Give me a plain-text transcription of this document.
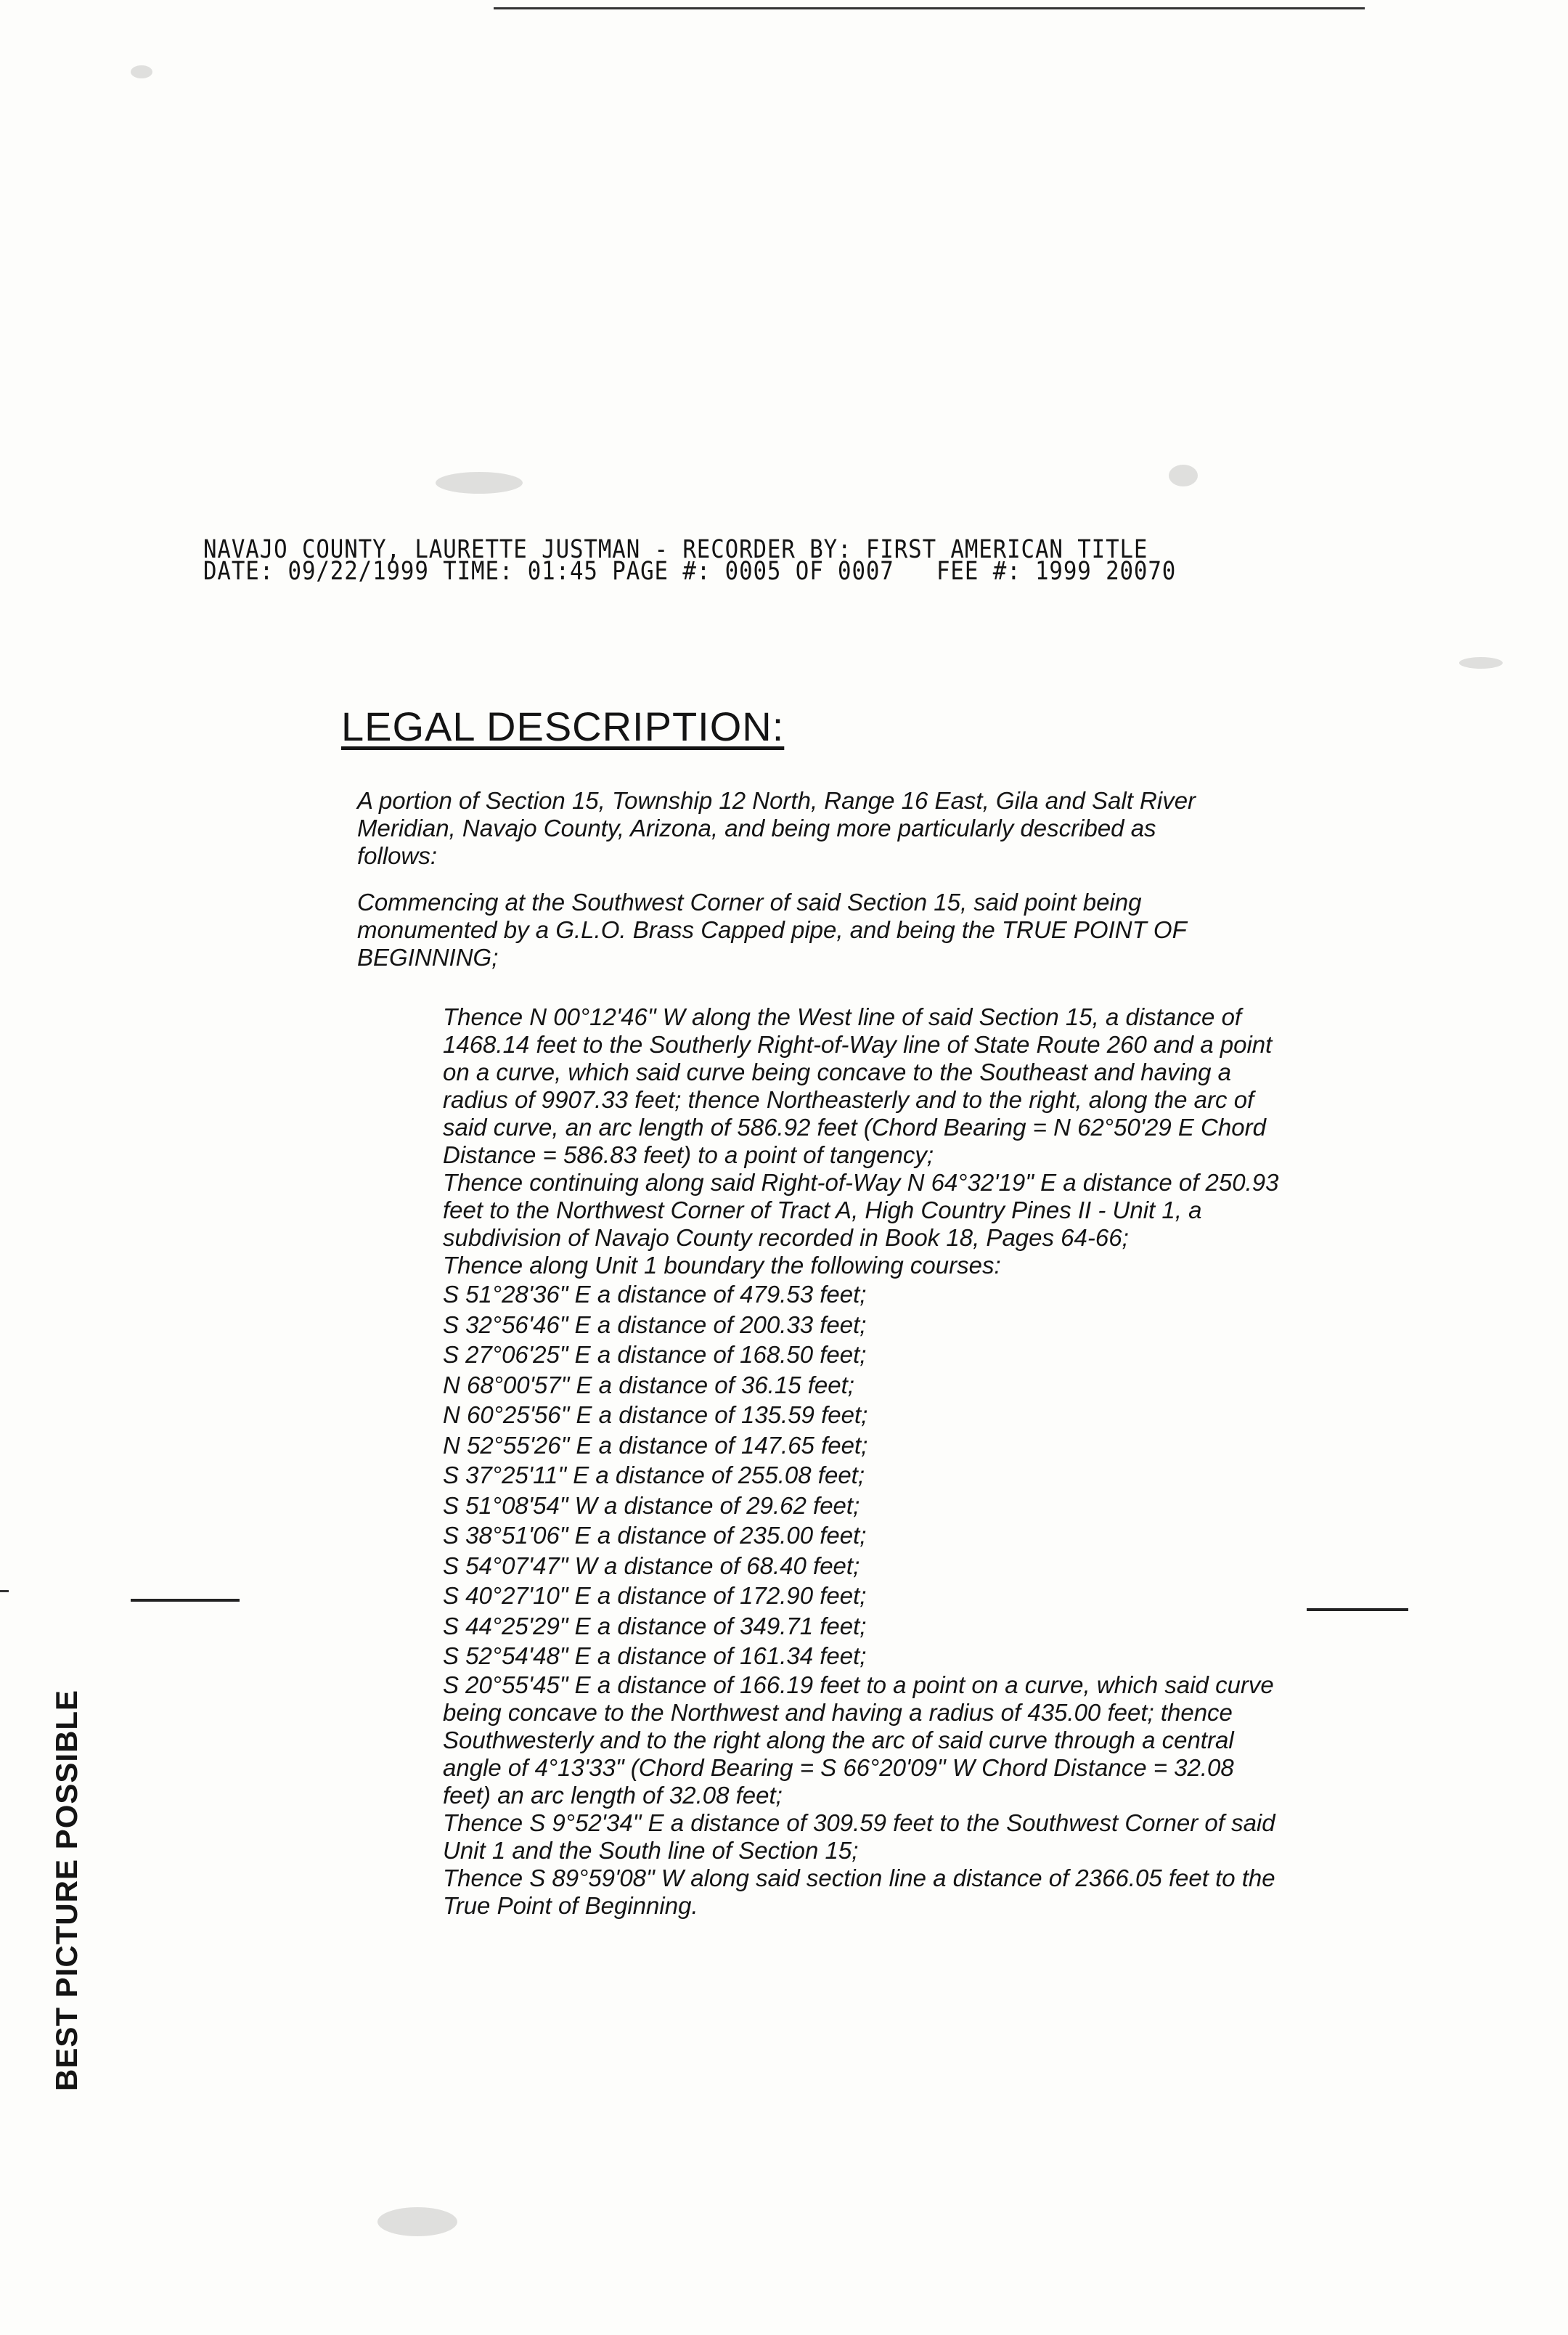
NAVAJO COUNTY, LAURETTE JUSTMAN - RECORDER BY: FIRST AMERICAN TITLE
DATE: 09/22/1999 TIME: 01:45 PAGE #: 0005 OF 0007   FEE #: 1999 20070
LEGAL DESCRIPTION:

A portion of Section 15, Township 12 North, Range 16 East, Gila and Salt River Meridian, Navajo County, Arizona, and being more particularly described as follows:

Commencing at the Southwest Corner of said Section 15, said point being monumented by a G.L.O. Brass Capped pipe, and being the TRUE POINT OF BEGINNING;

Thence N 00°12'46" W along the West line of said Section 15, a distance of 1468.14 feet to the Southerly Right-of-Way line of State Route 260 and a point on a curve, which said curve being concave to the Southeast and having a radius of 9907.33 feet; thence Northeasterly and to the right, along the arc of said curve, an arc length of 586.92 feet (Chord Bearing = N 62°50'29 E Chord Distance = 586.83 feet) to a point of tangency;

Thence continuing along said Right-of-Way N 64°32'19" E a distance of 250.93 feet to the Northwest Corner of Tract A, High Country Pines II - Unit 1, a subdivision of Navajo County recorded in Book 18, Pages 64-66;

Thence along Unit 1 boundary the following courses:

S 51°28'36" E a distance of 479.53 feet;
S 32°56'46" E a distance of 200.33 feet;
S 27°06'25" E a distance of 168.50 feet;
N 68°00'57" E a distance of 36.15 feet;
N 60°25'56" E a distance of 135.59 feet;
N 52°55'26" E a distance of 147.65 feet;
S 37°25'11" E a distance of 255.08 feet;
S 51°08'54" W a distance of 29.62 feet;
S 38°51'06" E a distance of 235.00 feet;
S 54°07'47" W a distance of 68.40 feet;
S 40°27'10" E a distance of 172.90 feet;
S 44°25'29" E a distance of 349.71 feet;
S 52°54'48" E a distance of 161.34 feet;

S 20°55'45" E a distance of 166.19 feet to a point on a curve, which said curve being concave to the Northwest and having a radius of 435.00 feet; thence Southwesterly and to the right along the arc of said curve through a central angle of 4°13'33" (Chord Bearing = S 66°20'09" W Chord Distance = 32.08 feet) an arc length of 32.08 feet;

Thence S 9°52'34" E a distance of 309.59 feet to the Southwest Corner of said Unit 1 and the South line of Section 15;

Thence S 89°59'08" W along said section line a distance of 2366.05 feet to the True Point of Beginning.

BEST PICTURE POSSIBLE
